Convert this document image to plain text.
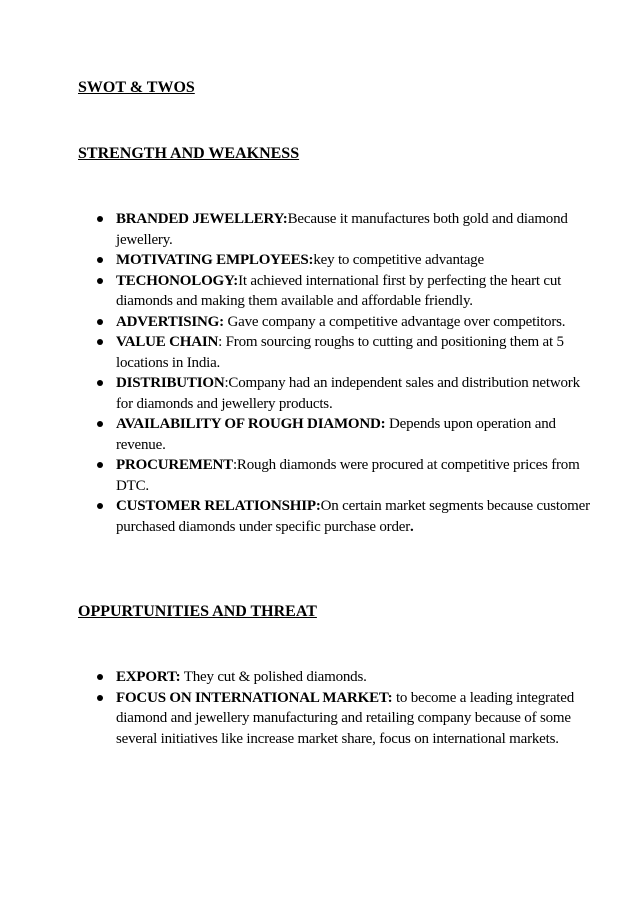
SWOT & TWOS
STRENGTH AND WEAKNESS
BRANDED JEWELLERY:Because it manufactures both gold and diamond jewellery.
MOTIVATING EMPLOYEES:key to competitive advantage
TECHONOLOGY:It achieved international first by perfecting the heart cut diamonds and making them available and affordable friendly.
ADVERTISING: Gave company a competitive advantage over competitors.
VALUE CHAIN: From sourcing roughs to cutting and positioning them at 5 locations in India.
DISTRIBUTION:Company had an independent sales and distribution network for diamonds and jewellery products.
AVAILABILITY OF ROUGH DIAMOND: Depends upon operation and revenue.
PROCUREMENT:Rough diamonds were procured at competitive prices from DTC.
CUSTOMER RELATIONSHIP:On certain market segments because customer purchased diamonds under specific purchase order.
OPPURTUNITIES AND THREAT
EXPORT: They cut & polished diamonds.
FOCUS ON INTERNATIONAL MARKET: to become a leading integrated diamond and jewellery manufacturing and retailing company because of some several initiatives like increase market share, focus on international markets.
